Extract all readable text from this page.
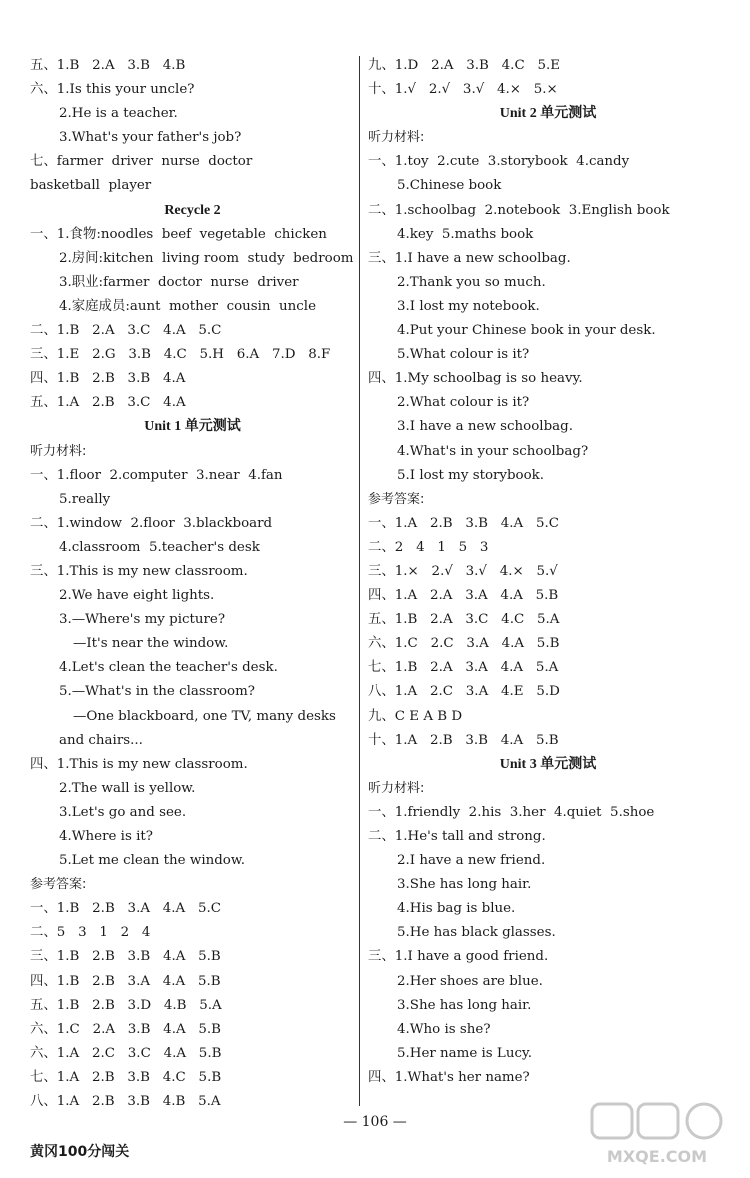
五、1.B   2.A   3.B   4.B
六、1.Is this your uncle?
2.He is a teacher.
3.What's your father's job?
七、farmer  driver  nurse  doctor
basketball  player
Recycle 2
一、1.食物:noodles  beef  vegetable  chicken
2.房间:kitchen  living room  study  bedroom
3.职业:farmer  doctor  nurse  driver
4.家庭成员:aunt  mother  cousin  uncle
二、1.B   2.A   3.C   4.A   5.C
三、1.E   2.G   3.B   4.C   5.H   6.A   7.D   8.F
四、1.B   2.B   3.B   4.A
五、1.A   2.B   3.C   4.A
Unit 1 单元测试
听力材料:
一、1.floor  2.computer  3.near  4.fan
5.really
二、1.window  2.floor  3.blackboard
4.classroom  5.teacher's desk
三、1.This is my new classroom.
2.We have eight lights.
3.—Where's my picture?
—It's near the window.
4.Let's clean the teacher's desk.
5.—What's in the classroom?
—One blackboard, one TV, many desks
and chairs...
四、1.This is my new classroom.
2.The wall is yellow.
3.Let's go and see.
4.Where is it?
5.Let me clean the window.
参考答案:
一、1.B   2.B   3.A   4.A   5.C
二、5   3   1   2   4
三、1.B   2.B   3.B   4.A   5.B
四、1.B   2.B   3.A   4.A   5.B
五、1.B   2.B   3.D   4.B   5.A
六、1.C   2.A   3.B   4.A   5.B
六、1.A   2.C   3.C   4.A   5.B
七、1.A   2.B   3.B   4.C   5.B
八、1.A   2.B   3.B   4.B   5.A
九、1.D   2.A   3.B   4.C   5.E
十、1.√   2.√   3.√   4.×   5.×
Unit 2 单元测试
听力材料:
一、1.toy  2.cute  3.storybook  4.candy
5.Chinese book
二、1.schoolbag  2.notebook  3.English book
4.key  5.maths book
三、1.I have a new schoolbag.
2.Thank you so much.
3.I lost my notebook.
4.Put your Chinese book in your desk.
5.What colour is it?
四、1.My schoolbag is so heavy.
2.What colour is it?
3.I have a new schoolbag.
4.What's in your schoolbag?
5.I lost my storybook.
参考答案:
一、1.A   2.B   3.B   4.A   5.C
二、2   4   1   5   3
三、1.×   2.√   3.√   4.×   5.√
四、1.A   2.A   3.A   4.A   5.B
五、1.B   2.A   3.C   4.C   5.A
六、1.C   2.C   3.A   4.A   5.B
七、1.B   2.A   3.A   4.A   5.A
八、1.A   2.C   3.A   4.E   5.D
九、C E A B D
十、1.A   2.B   3.B   4.A   5.B
Unit 3 单元测试
听力材料:
一、1.friendly  2.his  3.her  4.quiet  5.shoe
二、1.He's tall and strong.
2.I have a new friend.
3.She has long hair.
4.His bag is blue.
5.He has black glasses.
三、1.I have a good friend.
2.Her shoes are blue.
3.She has long hair.
4.Who is she?
5.Her name is Lucy.
四、1.What's her name?
— 106 —
黄冈100分闯关	MXQE.COM
